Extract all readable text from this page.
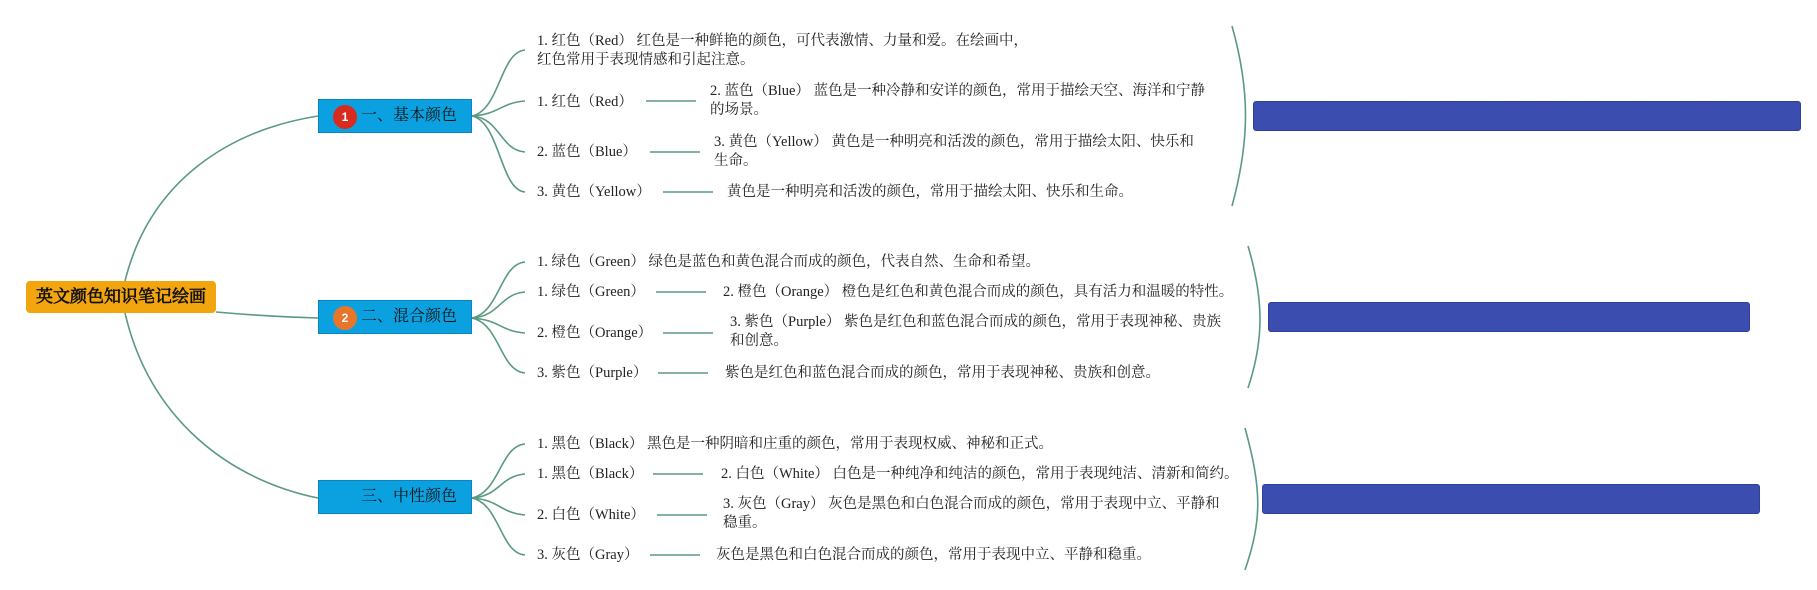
英文颜色知识笔记绘画
1 一、基本颜色
1. 红色（Red） 红色是一种鲜艳的颜色，可代表激情、力量和爱。在绘画中，红色常用于表现情感和引起注意。
1. 红色（Red）
2. 蓝色（Blue）
3. 黄色（Yellow）
2. 蓝色（Blue） 蓝色是一种冷静和安详的颜色，常用于描绘天空、海洋和宁静的场景。
3. 黄色（Yellow） 黄色是一种明亮和活泼的颜色，常用于描绘太阳、快乐和生命。
黄色是一种明亮和活泼的颜色，常用于描绘太阳、快乐和生命。
基本颜色是一切颜色的基础，包括红色、蓝色和黄色，它们可以混合出其他颜色。
2 二、混合颜色
1. 绿色（Green） 绿色是蓝色和黄色混合而成的颜色，代表自然、生命和希望。
1. 绿色（Green）
2. 橙色（Orange）
3. 紫色（Purple）
2. 橙色（Orange） 橙色是红色和黄色混合而成的颜色，具有活力和温暖的特性。
3. 紫色（Purple） 紫色是红色和蓝色混合而成的颜色，常用于表现神秘、贵族和创意。
紫色是红色和蓝色混合而成的颜色，常用于表现神秘、贵族和创意。
混合颜色是由基本颜色混合而成的颜色，包括绿色、橙色和紫色等。
三、中性颜色
1. 黑色（Black） 黑色是一种阴暗和庄重的颜色，常用于表现权威、神秘和正式。
1. 黑色（Black）
2. 白色（White）
3. 灰色（Gray）
2. 白色（White） 白色是一种纯净和纯洁的颜色，常用于表现纯洁、清新和简约。
3. 灰色（Gray） 灰色是黑色和白色混合而成的颜色，常用于表现中立、平静和稳重。
灰色是黑色和白色混合而成的颜色，常用于表现中立、平静和稳重。
中性颜色包括黑色、白色和灰色，常用于调和画面，营造不同的氛围。
